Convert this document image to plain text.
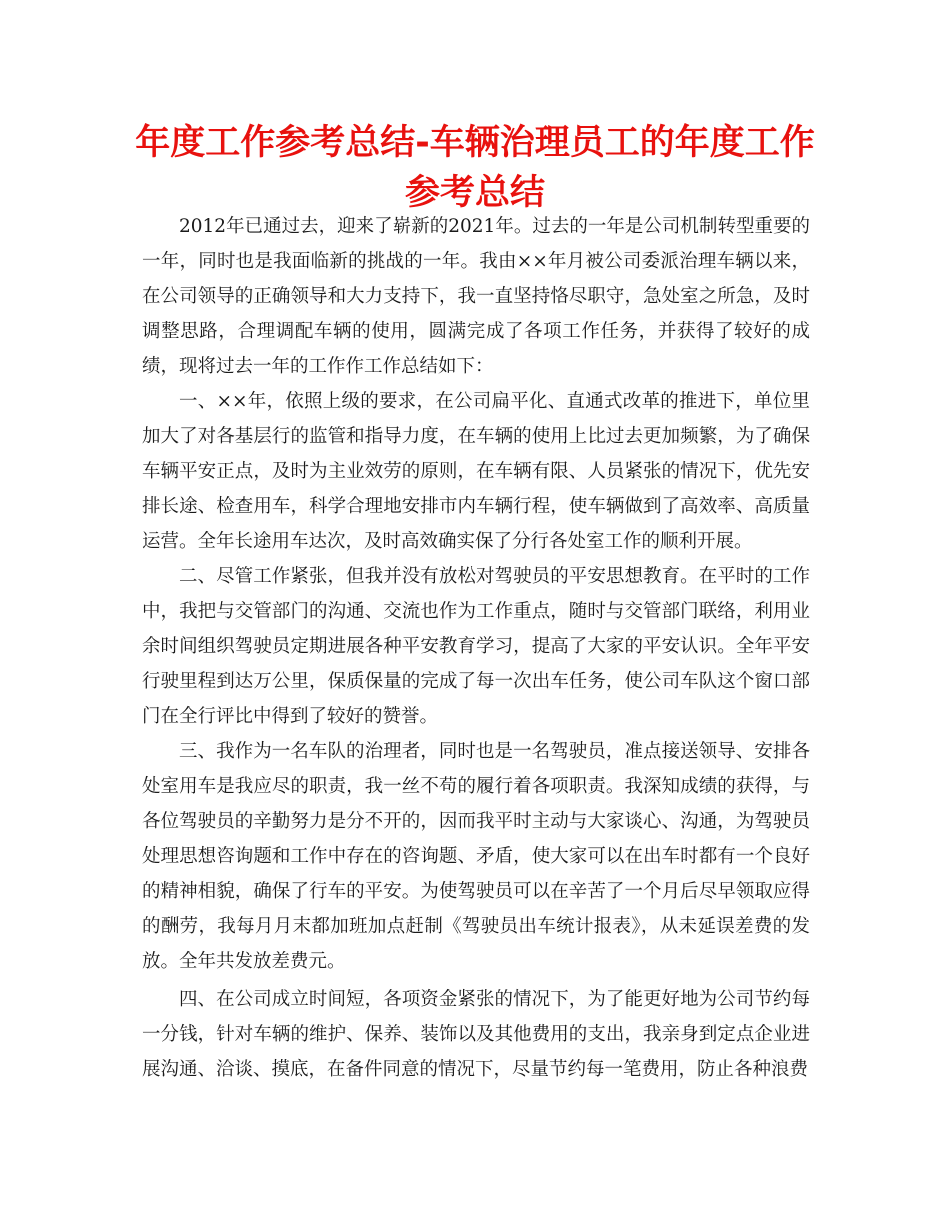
年度工作参考总结-车辆治理员工的年度工作参考总结

2012年已通过去，迎来了崭新的2021年。过去的一年是公司机制转型重要的一年，同时也是我面临新的挑战的一年。我由××年月被公司委派治理车辆以来，在公司领导的正确领导和大力支持下，我一直坚持恪尽职守，急处室之所急，及时调整思路，合理调配车辆的使用，圆满完成了各项工作任务，并获得了较好的成绩，现将过去一年的工作作工作总结如下：

一、××年，依照上级的要求，在公司扁平化、直通式改革的推进下，单位里加大了对各基层行的监管和指导力度，在车辆的使用上比过去更加频繁，为了确保车辆平安正点，及时为主业效劳的原则，在车辆有限、人员紧张的情况下，优先安排长途、检查用车，科学合理地安排市内车辆行程，使车辆做到了高效率、高质量运营。全年长途用车达次，及时高效确实保了分行各处室工作的顺利开展。

二、尽管工作紧张，但我并没有放松对驾驶员的平安思想教育。在平时的工作中，我把与交管部门的沟通、交流也作为工作重点，随时与交管部门联络，利用业余时间组织驾驶员定期进展各种平安教育学习，提高了大家的平安认识。全年平安行驶里程到达万公里，保质保量的完成了每一次出车任务，使公司车队这个窗口部门在全行评比中得到了较好的赞誉。

三、我作为一名车队的治理者，同时也是一名驾驶员，准点接送领导、安排各处室用车是我应尽的职责，我一丝不苟的履行着各项职责。我深知成绩的获得，与各位驾驶员的辛勤努力是分不开的，因而我平时主动与大家谈心、沟通，为驾驶员处理思想咨询题和工作中存在的咨询题、矛盾，使大家可以在出车时都有一个良好的精神相貌，确保了行车的平安。为使驾驶员可以在辛苦了一个月后尽早领取应得的酬劳，我每月月末都加班加点赶制《驾驶员出车统计报表》，从未延误差费的发放。全年共发放差费元。

四、在公司成立时间短，各项资金紧张的情况下，为了能更好地为公司节约每一分钱，针对车辆的维护、保养、装饰以及其他费用的支出，我亲身到定点企业进展沟通、洽谈、摸底，在备件同意的情况下，尽量节约每一笔费用，防止各种浪费
